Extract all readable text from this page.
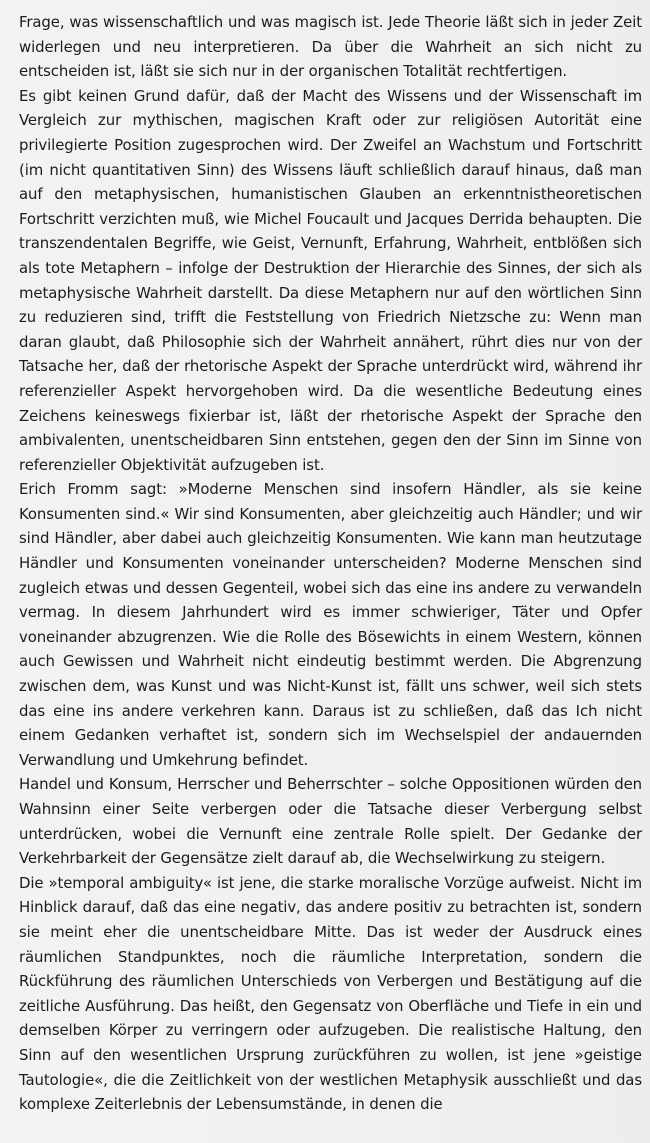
Frage, was wissenschaftlich und was magisch ist. Jede Theorie läßt sich in jeder Zeit widerlegen und neu interpretieren. Da über die Wahrheit an sich nicht zu entscheiden ist, läßt sie sich nur in der organischen Totalität rechtfertigen.

Es gibt keinen Grund dafür, daß der Macht des Wissens und der Wissenschaft im Vergleich zur mythischen, magischen Kraft oder zur religiösen Autorität eine privilegierte Position zugesprochen wird. Der Zweifel an Wachstum und Fortschritt (im nicht quantitativen Sinn) des Wissens läuft schließlich darauf hinaus, daß man auf den metaphysischen, humanistischen Glauben an erkenntnistheoretischen Fortschritt verzichten muß, wie Michel Foucault und Jacques Derrida behaupten. Die transzendentalen Begriffe, wie Geist, Vernunft, Erfahrung, Wahrheit, entblößen sich als tote Metaphern – infolge der Destruktion der Hierarchie des Sinnes, der sich als metaphysische Wahrheit darstellt. Da diese Metaphern nur auf den wörtlichen Sinn zu reduzieren sind, trifft die Feststellung von Friedrich Nietzsche zu: Wenn man daran glaubt, daß Philosophie sich der Wahrheit annähert, rührt dies nur von der Tatsache her, daß der rhetorische Aspekt der Sprache unterdrückt wird, während ihr referenzieller Aspekt hervorgehoben wird. Da die wesentliche Bedeutung eines Zeichens keineswegs fixierbar ist, läßt der rhetorische Aspekt der Sprache den ambivalenten, unentscheidbaren Sinn entstehen, gegen den der Sinn im Sinne von referenzieller Objektivität aufzugeben ist.

Erich Fromm sagt: »Moderne Menschen sind insofern Händler, als sie keine Konsumenten sind.« Wir sind Konsumenten, aber gleichzeitig auch Händler; und wir sind Händler, aber dabei auch gleichzeitig Konsumenten. Wie kann man heutzutage Händler und Konsumenten voneinander unterscheiden? Moderne Menschen sind zugleich etwas und dessen Gegenteil, wobei sich das eine ins andere zu verwandeln vermag. In diesem Jahrhundert wird es immer schwieriger, Täter und Opfer voneinander abzugrenzen. Wie die Rolle des Bösewichts in einem Western, können auch Gewissen und Wahrheit nicht eindeutig bestimmt werden. Die Abgrenzung zwischen dem, was Kunst und was Nicht-Kunst ist, fällt uns schwer, weil sich stets das eine ins andere verkehren kann. Daraus ist zu schließen, daß das Ich nicht einem Gedanken verhaftet ist, sondern sich im Wechselspiel der andauernden Verwandlung und Umkehrung befindet.

Handel und Konsum, Herrscher und Beherrschter – solche Oppositionen würden den Wahnsinn einer Seite verbergen oder die Tatsache dieser Verbergung selbst unterdrücken, wobei die Vernunft eine zentrale Rolle spielt. Der Gedanke der Verkehrbarkeit der Gegensätze zielt darauf ab, die Wechselwirkung zu steigern.

Die »temporal ambiguity« ist jene, die starke moralische Vorzüge aufweist. Nicht im Hinblick darauf, daß das eine negativ, das andere positiv zu betrachten ist, sondern sie meint eher die unentscheidbare Mitte. Das ist weder der Ausdruck eines räumlichen Standpunktes, noch die räumliche Interpretation, sondern die Rückführung des räumlichen Unterschieds von Verbergen und Bestätigung auf die zeitliche Ausführung. Das heißt, den Gegensatz von Oberfläche und Tiefe in ein und demselben Körper zu verringern oder aufzugeben. Die realistische Haltung, den Sinn auf den wesentlichen Ursprung zurückführen zu wollen, ist jene »geistige Tautologie«, die die Zeitlichkeit von der westlichen Metaphysik ausschließt und das komplexe Zeiterlebnis der Lebensumstände, in denen die
